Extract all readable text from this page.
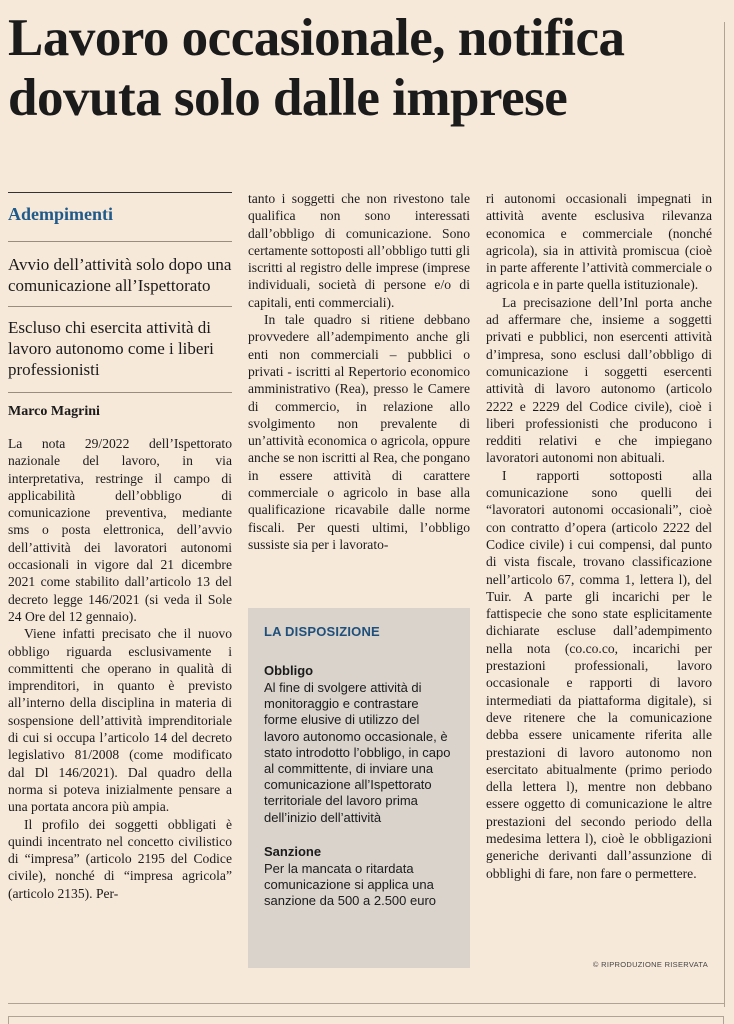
Lavoro occasionale, notifica dovuta solo dalle imprese

Adempimenti

Avvio dell’attività solo dopo una comunicazione all’Ispettorato

Escluso chi esercita attività di lavoro autonomo come i liberi professionisti

Marco Magrini

La nota 29/2022 dell’Ispettorato nazionale del lavoro, in via interpretativa, restringe il campo di applicabilità dell’obbligo di comunicazione preventiva, mediante sms o posta elettronica, dell’avvio dell’attività dei lavoratori autonomi occasionali in vigore dal 21 dicembre 2021 come stabilito dall’articolo 13 del decreto legge 146/2021 (si veda il Sole 24 Ore del 12 gennaio).

Viene infatti precisato che il nuovo obbligo riguarda esclusivamente i committenti che operano in qualità di imprenditori, in quanto è previsto all’interno della disciplina in materia di sospensione dell’attività imprenditoriale di cui si occupa l’articolo 14 del decreto legislativo 81/2008 (come modificato dal Dl 146/2021). Dal quadro della norma si poteva inizialmente pensare a una portata ancora più ampia.

Il profilo dei soggetti obbligati è quindi incentrato nel concetto civilistico di “impresa” (articolo 2195 del Codice civile), nonché di “impresa agricola” (articolo 2135). Per-

tanto i soggetti che non rivestono tale qualifica non sono interessati dall’obbligo di comunicazione. Sono certamente sottoposti all’obbligo tutti gli iscritti al registro delle imprese (imprese individuali, società di persone e/o di capitali, enti commerciali).

In tale quadro si ritiene debbano provvedere all’adempimento anche gli enti non commerciali – pubblici o privati - iscritti al Repertorio economico amministrativo (Rea), presso le Camere di commercio, in relazione allo svolgimento non prevalente di un’attività economica o agricola, oppure anche se non iscritti al Rea, che pongano in essere attività di carattere commerciale o agricolo in base alla qualificazione ricavabile dalle norme fiscali. Per questi ultimi, l’obbligo sussiste sia per i lavorato-

LA DISPOSIZIONE

Obbligo

Al fine di svolgere attività di monitoraggio e contrastare forme elusive di utilizzo del lavoro autonomo occasionale, è stato introdotto l’obbligo, in capo al committente, di inviare una comunicazione all’Ispettorato territoriale del lavoro prima dell’inizio dell’attività

Sanzione

Per la mancata o ritardata comunicazione si applica una sanzione da 500 a 2.500 euro

ri autonomi occasionali impegnati in attività avente esclusiva rilevanza economica e commerciale (nonché agricola), sia in attività promiscua (cioè in parte afferente l’attività commerciale o agricola e in parte quella istituzionale).

La precisazione dell’Inl porta anche ad affermare che, insieme a soggetti privati e pubblici, non esercenti attività d’impresa, sono esclusi dall’obbligo di comunicazione i soggetti esercenti attività di lavoro autonomo (articolo 2222 e 2229 del Codice civile), cioè i liberi professionisti che producono i redditi relativi e che impiegano lavoratori autonomi non abituali.

I rapporti sottoposti alla comunicazione sono quelli dei “lavoratori autonomi occasionali”, cioè con contratto d’opera (articolo 2222 del Codice civile) i cui compensi, dal punto di vista fiscale, trovano classificazione nell’articolo 67, comma 1, lettera l), del Tuir. A parte gli incarichi per le fattispecie che sono state esplicitamente dichiarate escluse dall’adempimento nella nota (co.co.co, incarichi per prestazioni professionali, lavoro occasionale e rapporti di lavoro intermediati da piattaforma digitale), si deve ritenere che la comunicazione debba essere unicamente riferita alle prestazioni di lavoro autonomo non esercitato abitualmente (primo periodo della lettera l), mentre non debbano essere oggetto di comunicazione le altre prestazioni del secondo periodo della medesima lettera l), cioè le obbligazioni generiche derivanti dall’assunzione di obblighi di fare, non fare o permettere.

© RIPRODUZIONE RISERVATA
